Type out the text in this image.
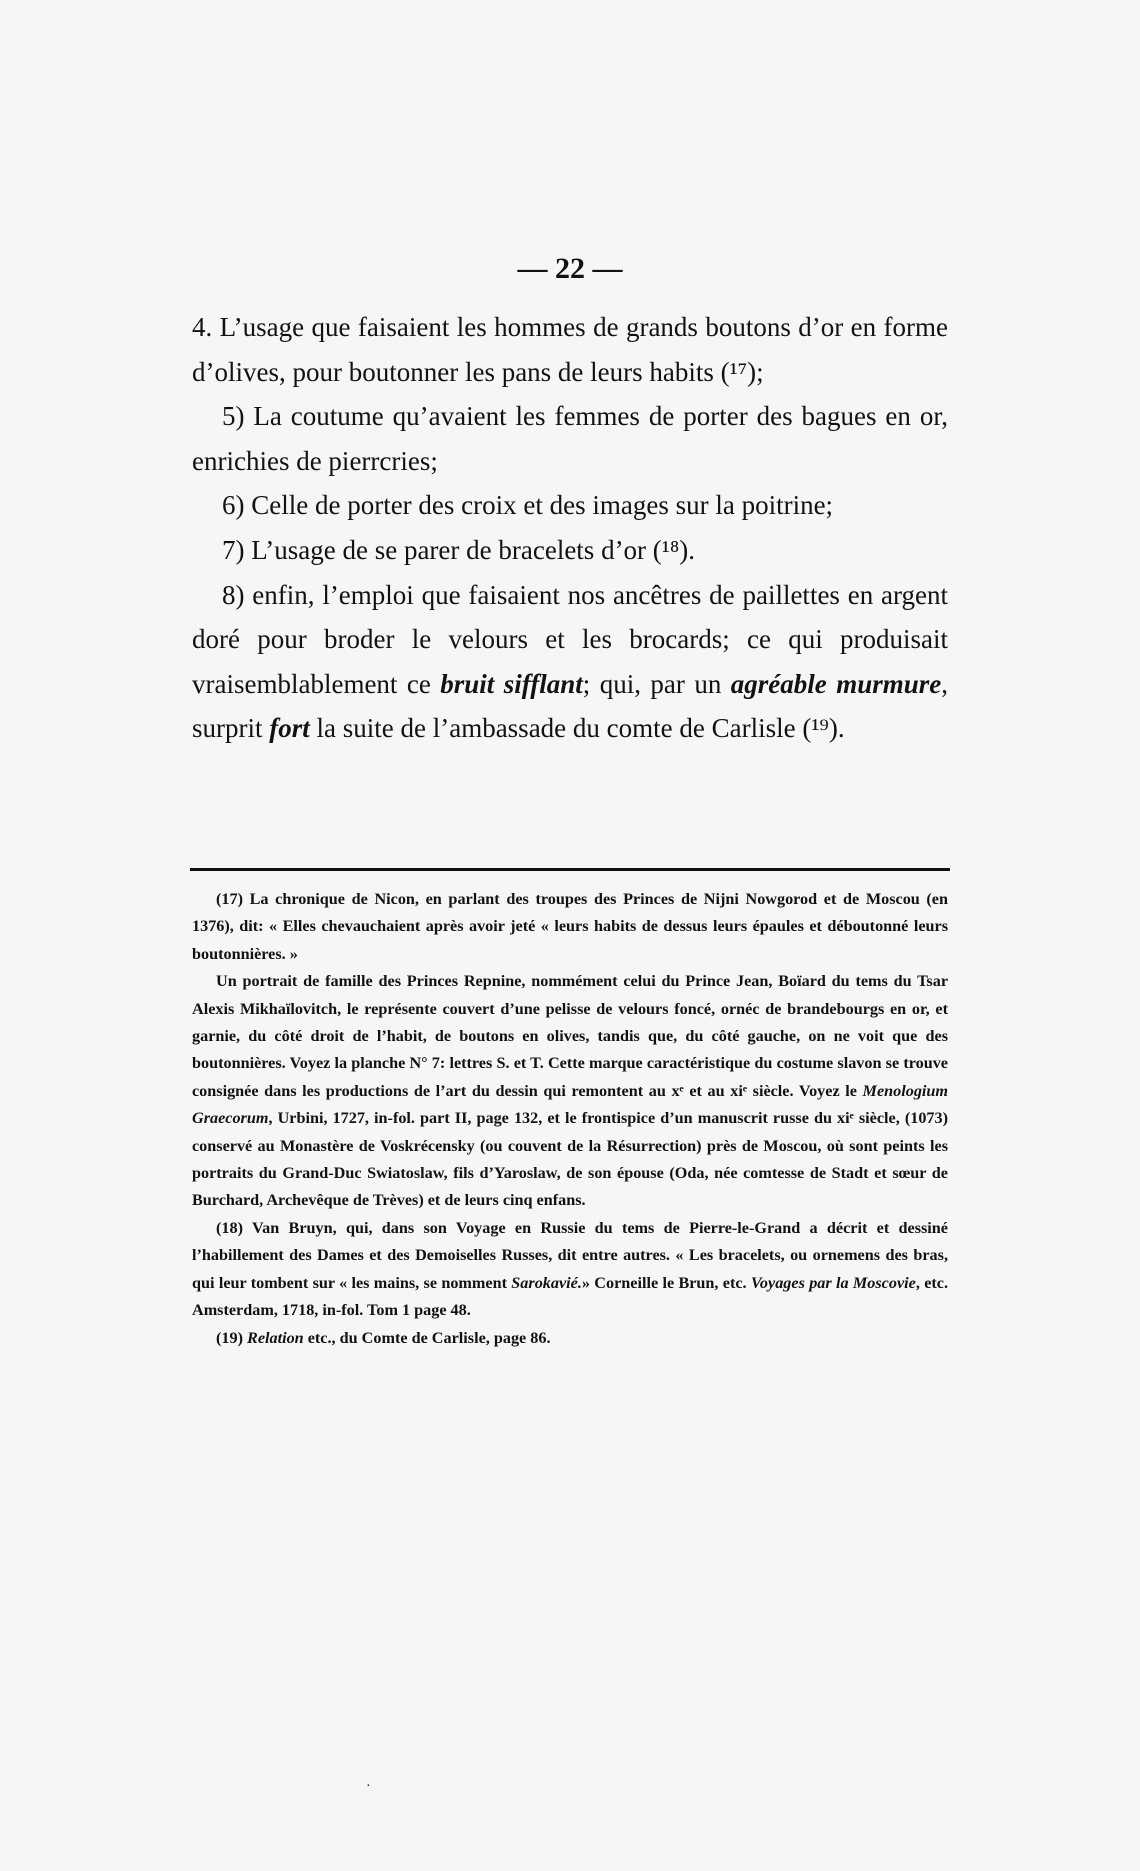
— 22 —

4. L’usage que faisaient les hommes de grands boutons d’or en forme d’olives, pour boutonner les pans de leurs habits (¹⁷);

5) La coutume qu’avaient les femmes de porter des bagues en or, enrichies de pierrcries;

6) Celle de porter des croix et des images sur la poitrine;

7) L’usage de se parer de bracelets d’or (¹⁸).

8) enfin, l’emploi que faisaient nos ancêtres de paillettes en argent doré pour broder le velours et les brocards; ce qui produisait vraisemblablement ce bruit sifflant; qui, par un agréable murmure, surprit fort la suite de l’ambassade du comte de Carlisle (¹⁹).

(17) La chronique de Nicon, en parlant des troupes des Princes de Nijni Nowgorod et de Moscou (en 1376), dit: « Elles chevauchaient après avoir jeté « leurs habits de dessus leurs épaules et déboutonné leurs boutonnières. »

Un portrait de famille des Princes Repnine, nommément celui du Prince Jean, Boïard du tems du Tsar Alexis Mikhaïlovitch, le représente couvert d’une pelisse de velours foncé, ornéc de brandebourgs en or, et garnie, du côté droit de l’habit, de boutons en olives, tandis que, du côté gauche, on ne voit que des boutonnières. Voyez la planche N° 7: lettres S. et T. Cette marque caractéristique du costume slavon se trouve consignée dans les productions de l’art du dessin qui remontent au xᵉ et au xiᵉ siècle. Voyez le Menologium Graecorum, Urbini, 1727, in-fol. part II, page 132, et le frontispice d’un manuscrit russe du xiᵉ siècle, (1073) conservé au Monastère de Voskrécensky (ou couvent de la Résurrection) près de Moscou, où sont peints les portraits du Grand-Duc Swiatoslaw, fils d’Yaroslaw, de son épouse (Oda, née comtesse de Stadt et sœur de Burchard, Archevêque de Trèves) et de leurs cinq enfans.

(18) Van Bruyn, qui, dans son Voyage en Russie du tems de Pierre-le-Grand a décrit et dessiné l’habillement des Dames et des Demoiselles Russes, dit entre autres. « Les bracelets, ou ornemens des bras, qui leur tombent sur « les mains, se nomment Sarokavié.» Corneille le Brun, etc. Voyages par la Moscovie, etc. Amsterdam, 1718, in-fol. Tom 1 page 48.

(19) Relation etc., du Comte de Carlisle, page 86.

·
